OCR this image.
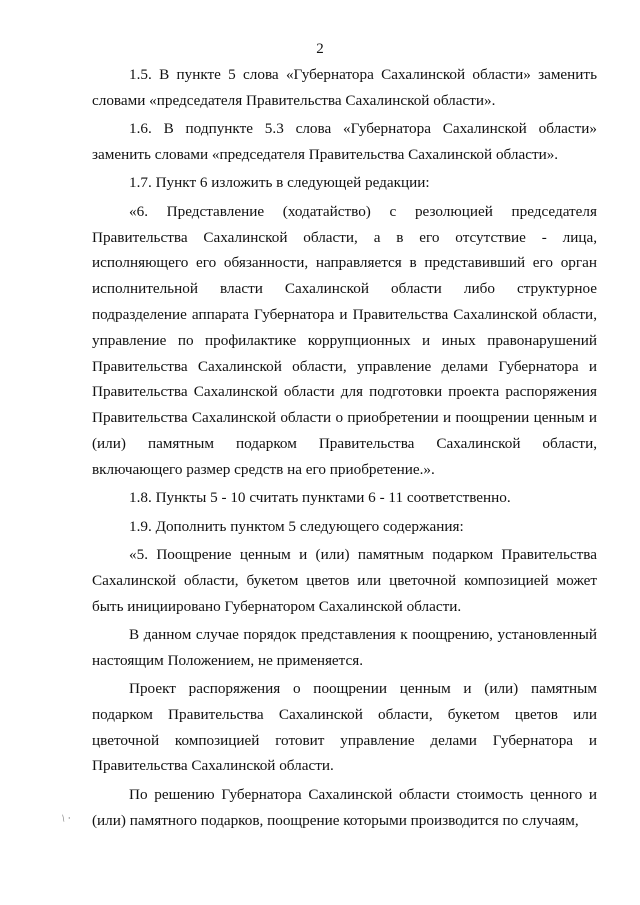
2

1.5. В пункте 5 слова «Губернатора Сахалинской области» заменить словами «председателя Правительства Сахалинской области».

1.6. В подпункте 5.3 слова «Губернатора Сахалинской области» заменить словами «председателя Правительства Сахалинской области».

1.7. Пункт 6 изложить в следующей редакции:

«6. Представление (ходатайство) с резолюцией председателя Правительства Сахалинской области, а в его отсутствие - лица, исполняющего его обязанности, направляется в представивший его орган исполнительной власти Сахалинской области либо структурное подразделение аппарата Губернатора и Правительства Сахалинской области, управление по профилактике коррупционных и иных правонарушений Правительства Сахалинской области, управление делами Губернатора и Правительства Сахалинской области для подготовки проекта распоряжения Правительства Сахалинской области о приобретении и поощрении ценным и (или) памятным подарком Правительства Сахалинской области, включающего размер средств на его приобретение.».

1.8. Пункты 5 - 10 считать пунктами 6 - 11 соответственно.

1.9. Дополнить пунктом 5 следующего содержания:

«5. Поощрение ценным и (или) памятным подарком Правительства Сахалинской области, букетом цветов или цветочной композицией может быть инициировано Губернатором Сахалинской области.

В данном случае порядок представления к поощрению, установленный настоящим Положением, не применяется.

Проект распоряжения о поощрении ценным и (или) памятным подарком Правительства Сахалинской области, букетом цветов или цветочной композицией готовит управление делами Губернатора и Правительства Сахалинской области.

По решению Губернатора Сахалинской области стоимость ценного и (или) памятного подарков, поощрение которыми производится по случаям,

/ .
